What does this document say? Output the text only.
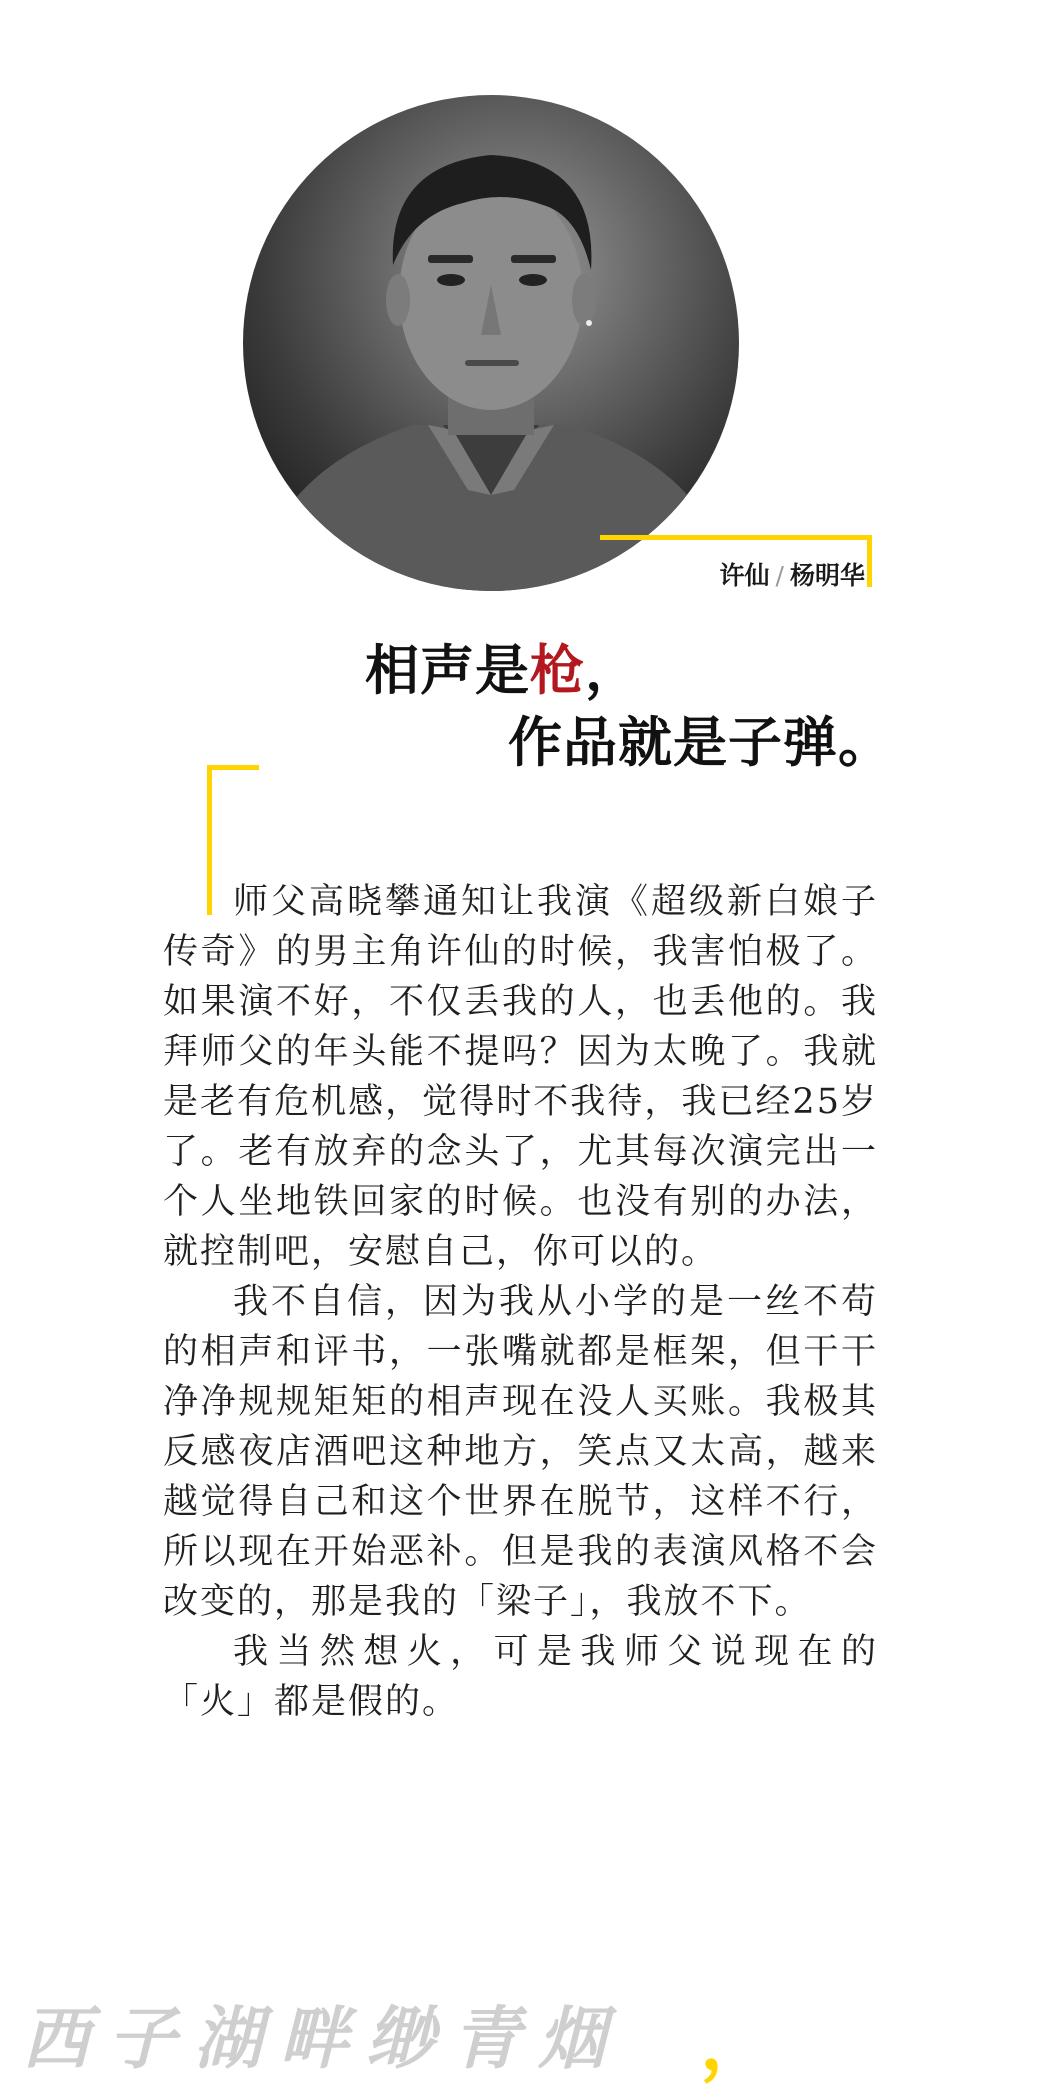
许仙 / 杨明华
相声是枪，
作品就是子弹。

师父高晓攀通知让我演《超级新白娘子传奇》的男主角许仙的时候，我害怕极了。如果演不好，不仅丢我的人，也丢他的。我拜师父的年头能不提吗？因为太晚了。我就是老有危机感，觉得时不我待，我已经25岁了。老有放弃的念头了，尤其每次演完出一个人坐地铁回家的时候。也没有别的办法，就控制吧，安慰自己，你可以的。

我不自信，因为我从小学的是一丝不苟的相声和评书，一张嘴就都是框架，但干干净净规规矩矩的相声现在没人买账。我极其反感夜店酒吧这种地方，笑点又太高，越来越觉得自己和这个世界在脱节，这样不行，所以现在开始恶补。但是我的表演风格不会改变的，那是我的「梁子」，我放不下。

我当然想火，可是我师父说现在的「火」都是假的。

西子湖畔缈青烟 ，
